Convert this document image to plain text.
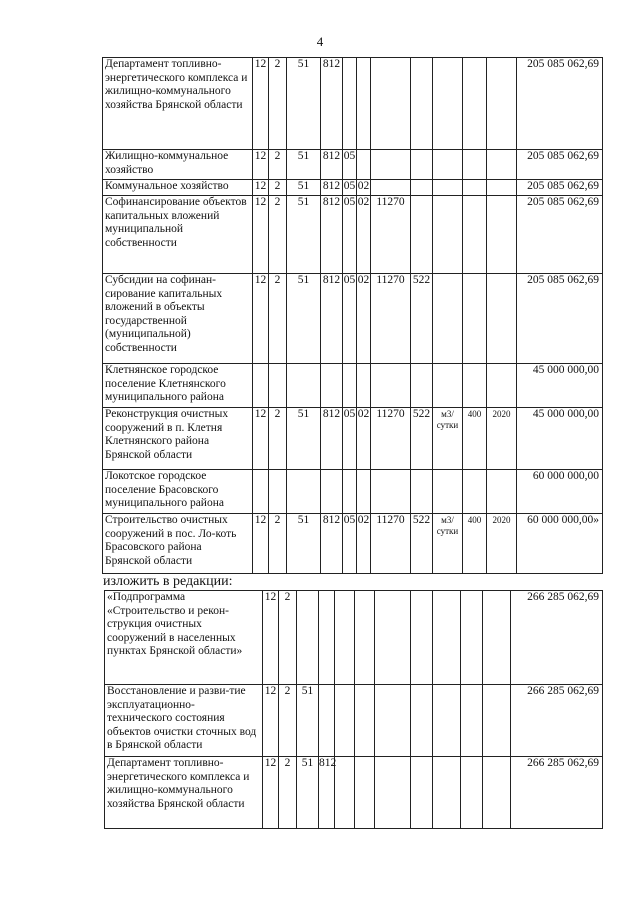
4
Департамент топливно-энергетического комплекса и жилищно-коммунального хозяйства Брянской области	12	2	51	812								205 085 062,69
Жилищно-коммунальное хозяйство	12	2	51	812	05							205 085 062,69
Коммунальное хозяйство	12	2	51	812	05	02						205 085 062,69
Софинансирование объектов капитальных вложений муниципальной собственности	12	2	51	812	05	02	11270					205 085 062,69
Субсидии на софинан-сирование капитальных вложений в объекты государственной (муниципальной) собственности	12	2	51	812	05	02	11270	522				205 085 062,69
Клетнянское городское поселение Клетнянского муниципального района												45 000 000,00
Реконструкция очистных сооружений в п. Клетня Клетнянского района Брянской области	12	2	51	812	05	02	11270	522	м3/ сутки	400	2020	45 000 000,00
Локотское городское поселение Брасовского муниципального района												60 000 000,00
Строительство очистных сооружений в пос. Ло-коть Брасовского района Брянской области	12	2	51	812	05	02	11270	522	м3/ сутки	400	2020	60 000 000,00»
изложить в редакции:
«Подпрограмма «Строительство и рекон-струкция очистных сооружений в населенных пунктах Брянской области»	12	2										266 285 062,69
Восстановление и разви-тие эксплуатационно-технического состояния объектов очистки сточных вод в Брянской области	12	2	51									266 285 062,69
Департамент топливно-энергетического комплекса и жилищно-коммунального хозяйства Брянской области	12	2	51	812								266 285 062,69
